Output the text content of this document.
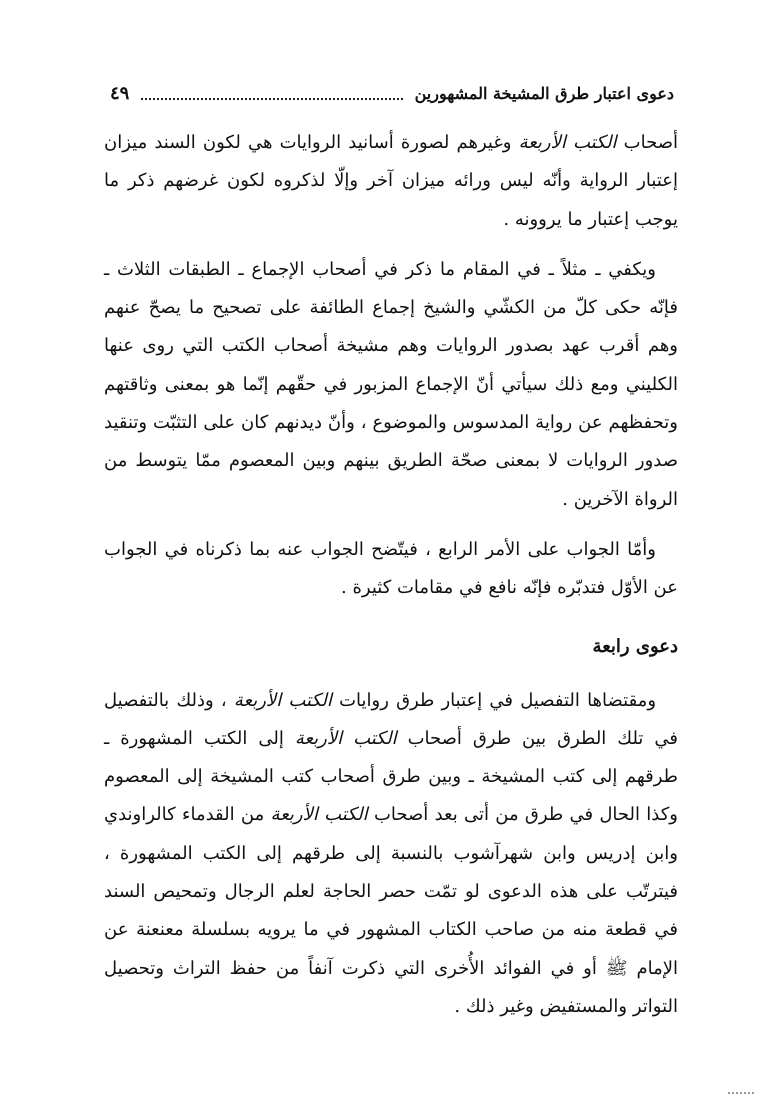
دعوى اعتبار طرق المشيخة المشهورين
٤٩

أصحاب الكتب الأربعة وغيرهم لصورة أسانيد الروايات هي لكون السند ميزان إعتبار الرواية وأنّه ليس ورائه ميزان آخر وإلّا لذكروه لكون غرضهم ذكر ما يوجب إعتبار ما يروونه .

ويكفي ـ مثلاً ـ في المقام ما ذكر في أصحاب الإجماع ـ الطبقات الثلاث ـ فإنّه حكى كلّ من الكشّي والشيخ إجماع الطائفة على تصحيح ما يصحّ عنهم وهم أقرب عهد بصدور الروايات وهم مشيخة أصحاب الكتب التي روى عنها الكليني ومع ذلك سيأتي أنّ الإجماع المزبور في حقّهم إنّما هو بمعنى وثاقتهم وتحفظهم عن رواية المدسوس والموضوع ، وأنّ ديدنهم كان على التثبّت وتنقيد صدور الروايات لا بمعنى صحّة الطريق بينهم وبين المعصوم ممّا يتوسط من الرواة الآخرين .

وأمّا الجواب على الأمر الرابع ، فيتّضح الجواب عنه بما ذكرناه في الجواب عن الأوّل فتدبّره فإنّه نافع في مقامات كثيرة .

دعوى رابعة

ومقتضاها التفصيل في إعتبار طرق روايات الكتب الأربعة ، وذلك بالتفصيل في تلك الطرق بين طرق أصحاب الكتب الأربعة إلى الكتب المشهورة ـ طرقهم إلى كتب المشيخة ـ وبين طرق أصحاب كتب المشيخة إلى المعصوم وكذا الحال في طرق من أتى بعد أصحاب الكتب الأربعة من القدماء كالراوندي وابن إدريس وابن شهرآشوب بالنسبة إلى طرقهم إلى الكتب المشهورة ، فيترتّب على هذه الدعوى لو تمّت حصر الحاجة لعلم الرجال وتمحيص السند في قطعة منه من صاحب الكتاب المشهور في ما يرويه بسلسلة معنعنة عن الإمام ﷺ أو في الفوائد الأُخرى التي ذكرت آنفاً من حفظ التراث وتحصيل التواتر والمستفيض وغير ذلك .
